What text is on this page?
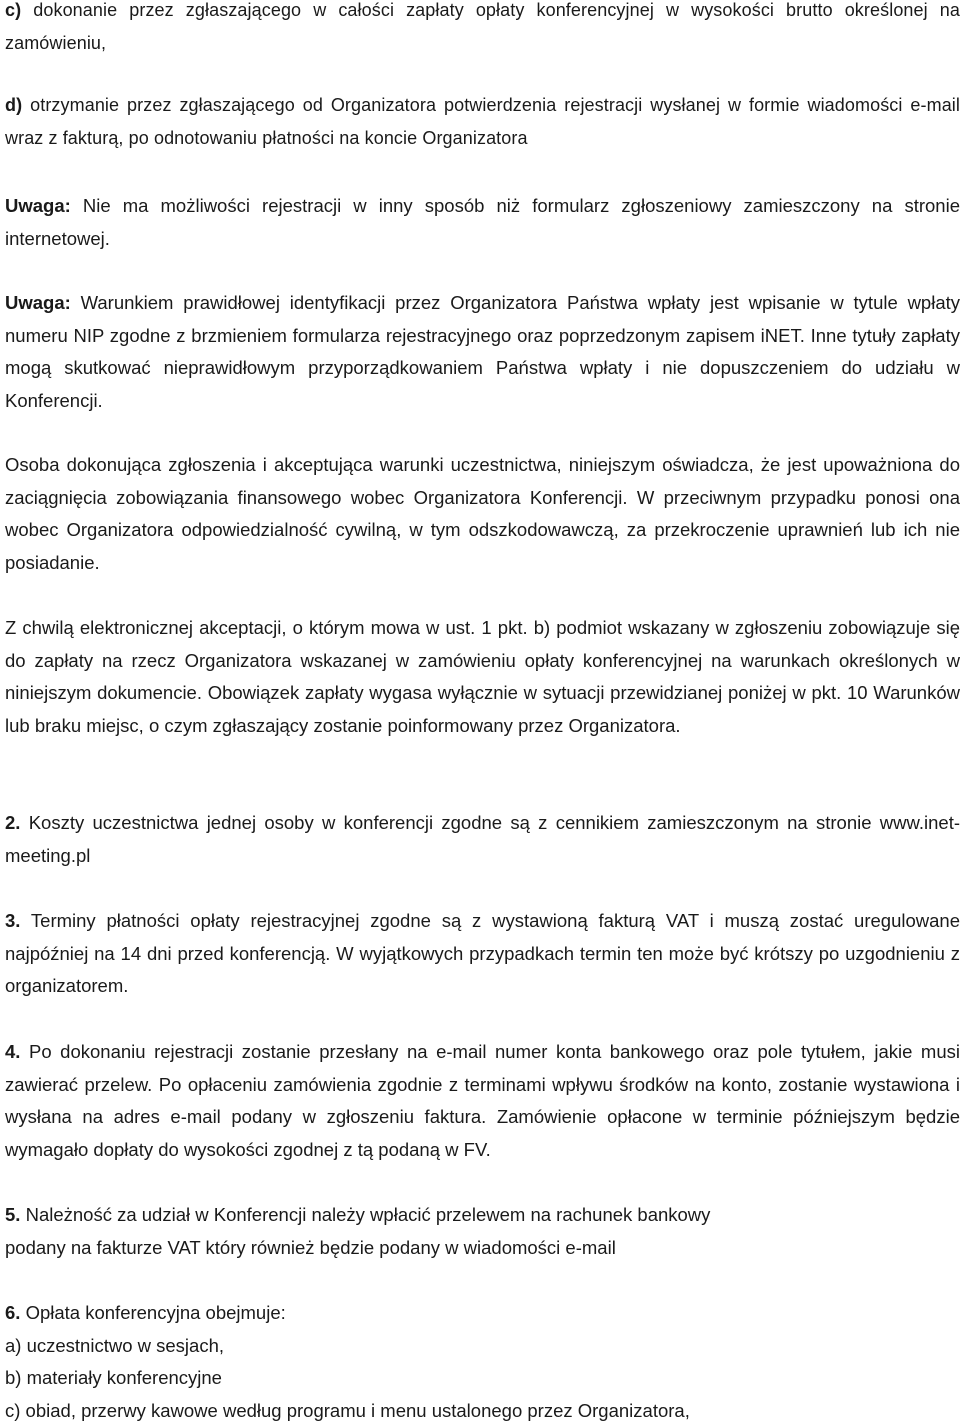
c) dokonanie przez zgłaszającego w całości zapłaty opłaty konferencyjnej w wysokości brutto określonej na zamówieniu,

d) otrzymanie przez zgłaszającego od Organizatora potwierdzenia rejestracji wysłanej w formie wiadomości e-mail wraz z fakturą, po odnotowaniu płatności na koncie Organizatora

Uwaga: Nie ma możliwości rejestracji w inny sposób niż formularz zgłoszeniowy zamieszczony na stronie internetowej.

Uwaga: Warunkiem prawidłowej identyfikacji przez Organizatora Państwa wpłaty jest wpisanie w tytule wpłaty numeru NIP zgodne z brzmieniem formularza rejestracyjnego oraz poprzedzonym zapisem iNET. Inne tytuły zapłaty mogą skutkować nieprawidłowym przyporządkowaniem Państwa wpłaty i nie dopuszczeniem do udziału w Konferencji.

Osoba dokonująca zgłoszenia i akceptująca warunki uczestnictwa, niniejszym oświadcza, że jest upoważniona do zaciągnięcia zobowiązania finansowego wobec Organizatora Konferencji. W przeciwnym przypadku ponosi ona wobec Organizatora odpowiedzialność cywilną, w tym odszkodowawczą, za przekroczenie uprawnień lub ich nie posiadanie.

Z chwilą elektronicznej akceptacji, o którym mowa w ust. 1 pkt. b) podmiot wskazany w zgłoszeniu zobowiązuje się do zapłaty na rzecz Organizatora wskazanej w zamówieniu opłaty konferencyjnej na warunkach określonych w niniejszym dokumencie. Obowiązek zapłaty wygasa wyłącznie w sytuacji przewidzianej poniżej w pkt. 10 Warunków lub braku miejsc, o czym zgłaszający zostanie poinformowany przez Organizatora.

2. Koszty uczestnictwa jednej osoby w konferencji zgodne są z cennikiem zamieszczonym na stronie www.inet-meeting.pl

3. Terminy płatności opłaty rejestracyjnej zgodne są z wystawioną fakturą VAT i muszą zostać uregulowane najpóźniej na 14 dni przed konferencją. W wyjątkowych przypadkach termin ten może być krótszy po uzgodnieniu z organizatorem.

4. Po dokonaniu rejestracji zostanie przesłany na e-mail numer konta bankowego oraz pole tytułem, jakie musi zawierać przelew. Po opłaceniu zamówienia zgodnie z terminami wpływu środków na konto, zostanie wystawiona i wysłana na adres e-mail podany w zgłoszeniu faktura. Zamówienie opłacone w terminie późniejszym będzie wymagało dopłaty do wysokości zgodnej z tą podaną w FV.

5. Należność za udział w Konferencji należy wpłacić przelewem na rachunek bankowy
podany na fakturze VAT który również będzie podany w wiadomości e-mail
6. Opłata konferencyjna obejmuje:
a) uczestnictwo w sesjach,
b) materiały konferencyjne
c) obiad, przerwy kawowe według programu i menu ustalonego przez Organizatora,
